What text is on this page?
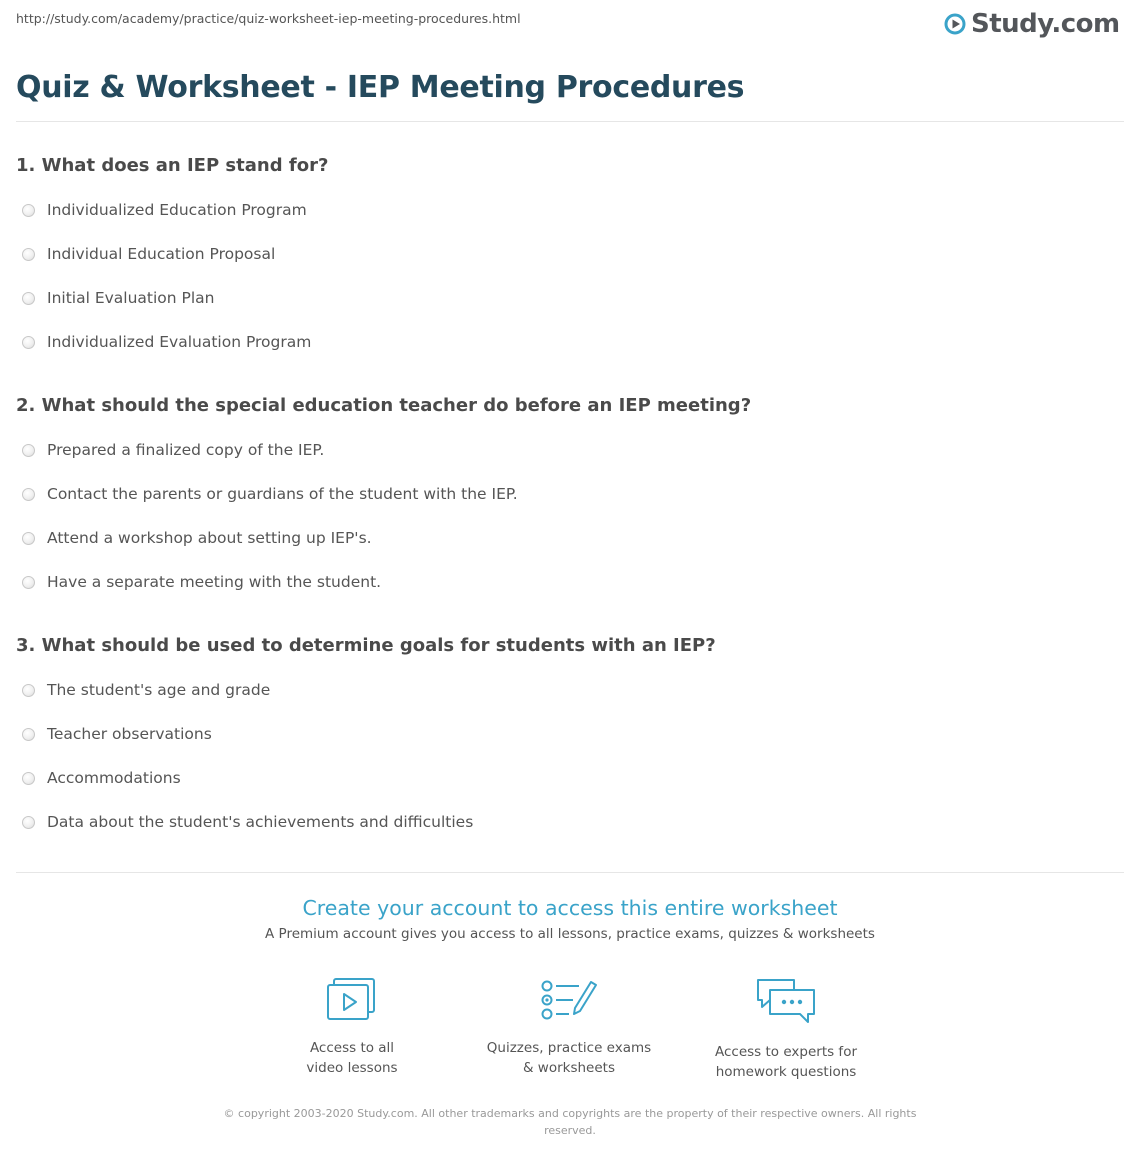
http://study.com/academy/practice/quiz-worksheet-iep-meeting-procedures.html	Study.com
Quiz & Worksheet - IEP Meeting Procedures
1. What does an IEP stand for?
Individualized Education Program
Individual Education Proposal
Initial Evaluation Plan
Individualized Evaluation Program
2. What should the special education teacher do before an IEP meeting?
Prepared a finalized copy of the IEP.
Contact the parents or guardians of the student with the IEP.
Attend a workshop about setting up IEP's.
Have a separate meeting with the student.
3. What should be used to determine goals for students with an IEP?
The student's age and grade
Teacher observations
Accommodations
Data about the student's achievements and difficulties
Create your account to access this entire worksheet
A Premium account gives you access to all lessons, practice exams, quizzes & worksheets
Access to all
video lessons
Quizzes, practice exams
& worksheets
Access to experts for
homework questions
© copyright 2003-2020 Study.com. All other trademarks and copyrights are the property of their respective owners. All rights reserved.
